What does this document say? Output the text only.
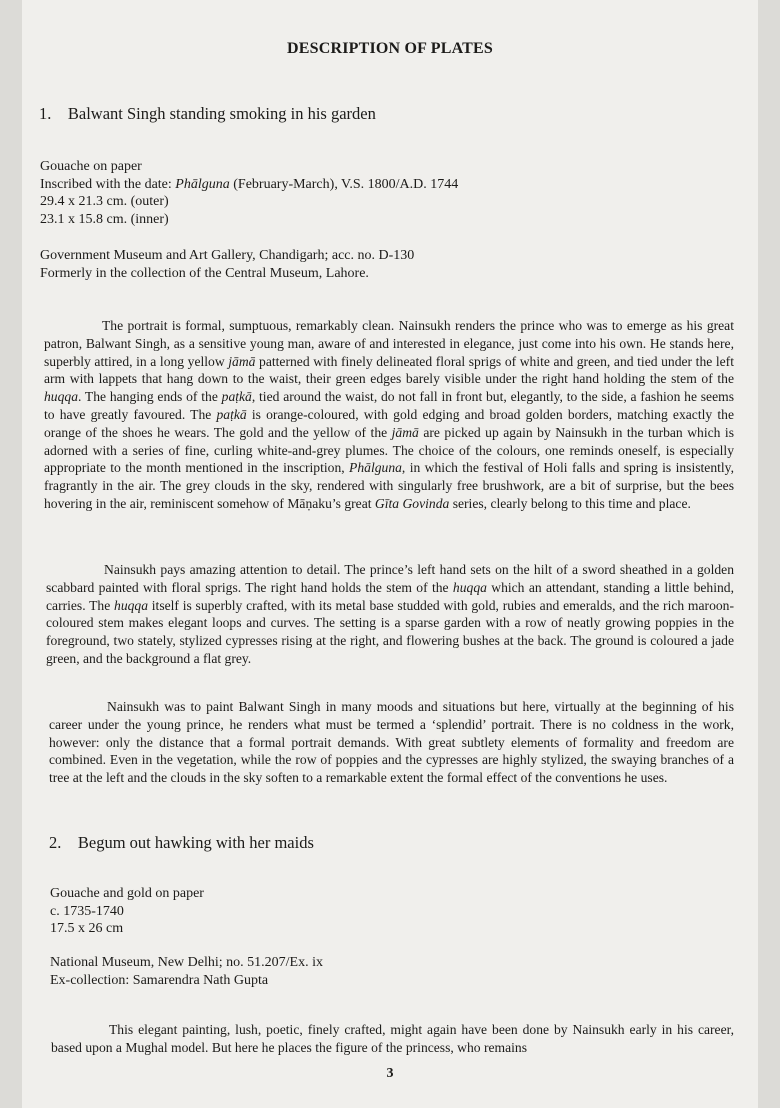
DESCRIPTION OF PLATES
1. Balwant Singh standing smoking in his garden
Gouache on paper
Inscribed with the date: Phālguna (February-March), V.S. 1800/A.D. 1744
29.4 x 21.3 cm. (outer)
23.1 x 15.8 cm. (inner)
Government Museum and Art Gallery, Chandigarh; acc. no. D-130
Formerly in the collection of the Central Museum, Lahore.
The portrait is formal, sumptuous, remarkably clean. Nainsukh renders the prince who was to emerge as his great patron, Balwant Singh, as a sensitive young man, aware of and interested in elegance, just come into his own. He stands here, superbly attired, in a long yellow jāmā patterned with finely delineated floral sprigs of white and green, and tied under the left arm with lappets that hang down to the waist, their green edges barely visible under the right hand holding the stem of the huqqa. The hanging ends of the paṭkā, tied around the waist, do not fall in front but, elegantly, to the side, a fashion he seems to have greatly favoured. The paṭkā is orange-coloured, with gold edging and broad golden borders, matching exactly the orange of the shoes he wears. The gold and the yellow of the jāmā are picked up again by Nainsukh in the turban which is adorned with a series of fine, curling white-and-grey plumes. The choice of the colours, one reminds oneself, is especially appropriate to the month mentioned in the inscription, Phālguna, in which the festival of Holi falls and spring is insistently, fragrantly in the air. The grey clouds in the sky, rendered with singularly free brushwork, are a bit of surprise, but the bees hovering in the air, reminiscent somehow of Māṇaku’s great Gīta Govinda series, clearly belong to this time and place.
Nainsukh pays amazing attention to detail. The prince’s left hand sets on the hilt of a sword sheathed in a golden scabbard painted with floral sprigs. The right hand holds the stem of the huqqa which an attendant, standing a little behind, carries. The huqqa itself is superbly crafted, with its metal base studded with gold, rubies and emeralds, and the rich maroon-coloured stem makes elegant loops and curves. The setting is a sparse garden with a row of neatly growing poppies in the foreground, two stately, stylized cypresses rising at the right, and flowering bushes at the back. The ground is coloured a jade green, and the background a flat grey.
Nainsukh was to paint Balwant Singh in many moods and situations but here, virtually at the beginning of his career under the young prince, he renders what must be termed a ‘splendid’ portrait. There is no coldness in the work, however: only the distance that a formal portrait demands. With great subtlety elements of formality and freedom are combined. Even in the vegetation, while the row of poppies and the cypresses are highly stylized, the swaying branches of a tree at the left and the clouds in the sky soften to a remarkable extent the formal effect of the conventions he uses.
2. Begum out hawking with her maids
Gouache and gold on paper
c. 1735-1740
17.5 x 26 cm
National Museum, New Delhi; no. 51.207/Ex. ix
Ex-collection: Samarendra Nath Gupta
This elegant painting, lush, poetic, finely crafted, might again have been done by Nainsukh early in his career, based upon a Mughal model. But here he places the figure of the princess, who remains
3
